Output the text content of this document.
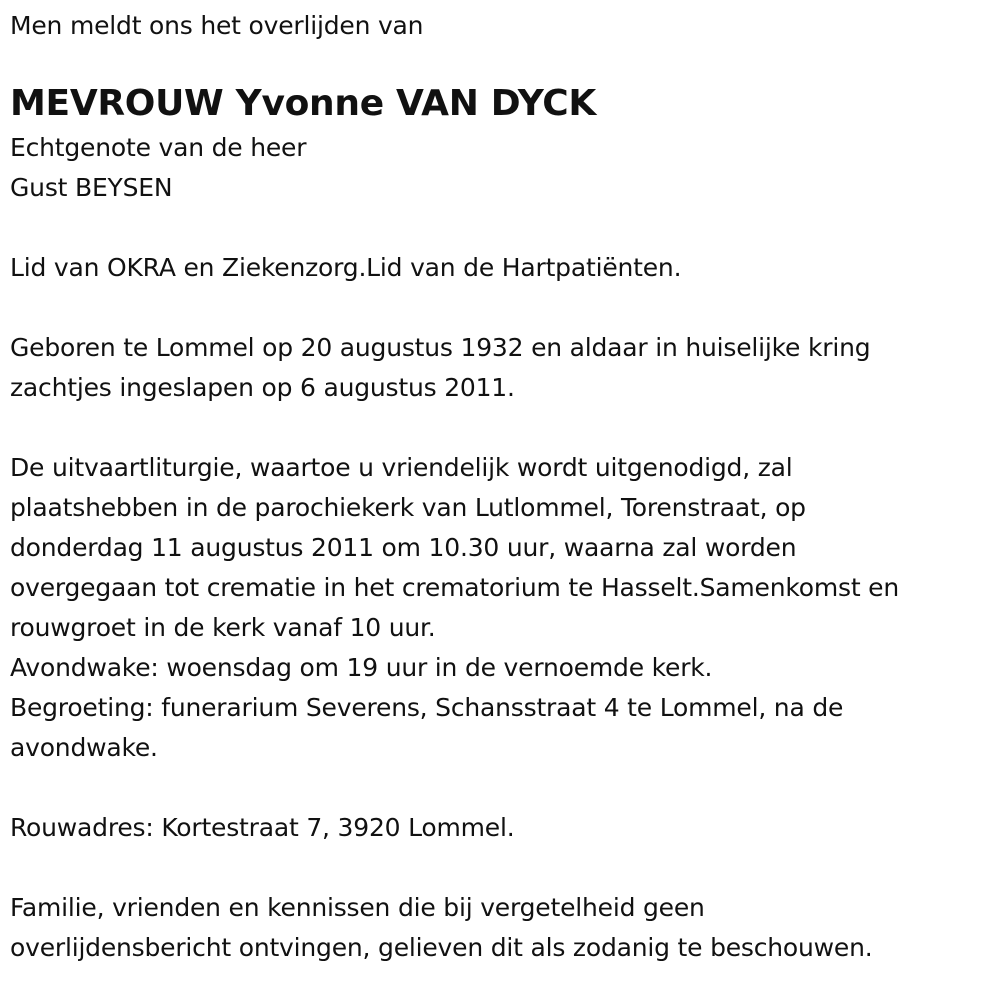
Men meldt ons het overlijden van
MEVROUW Yvonne VAN DYCK
Echtgenote van de heer
Gust BEYSEN
Lid van OKRA en Ziekenzorg.Lid van de Hartpatiënten.
Geboren te Lommel op 20 augustus 1932 en aldaar in huiselijke kring
zachtjes ingeslapen op 6 augustus 2011.
De uitvaartliturgie, waartoe u vriendelijk wordt uitgenodigd, zal
plaatshebben in de parochiekerk van Lutlommel, Torenstraat, op
donderdag 11 augustus 2011 om 10.30 uur, waarna zal worden
overgegaan tot crematie in het crematorium te Hasselt.Samenkomst en
rouwgroet in de kerk vanaf 10 uur.
Avondwake: woensdag om 19 uur in de vernoemde kerk.
Begroeting: funerarium Severens, Schansstraat 4 te Lommel, na de
avondwake.
Rouwadres: Kortestraat 7, 3920 Lommel.
Familie, vrienden en kennissen die bij vergetelheid geen
overlijdensbericht ontvingen, gelieven dit als zodanig te beschouwen.
